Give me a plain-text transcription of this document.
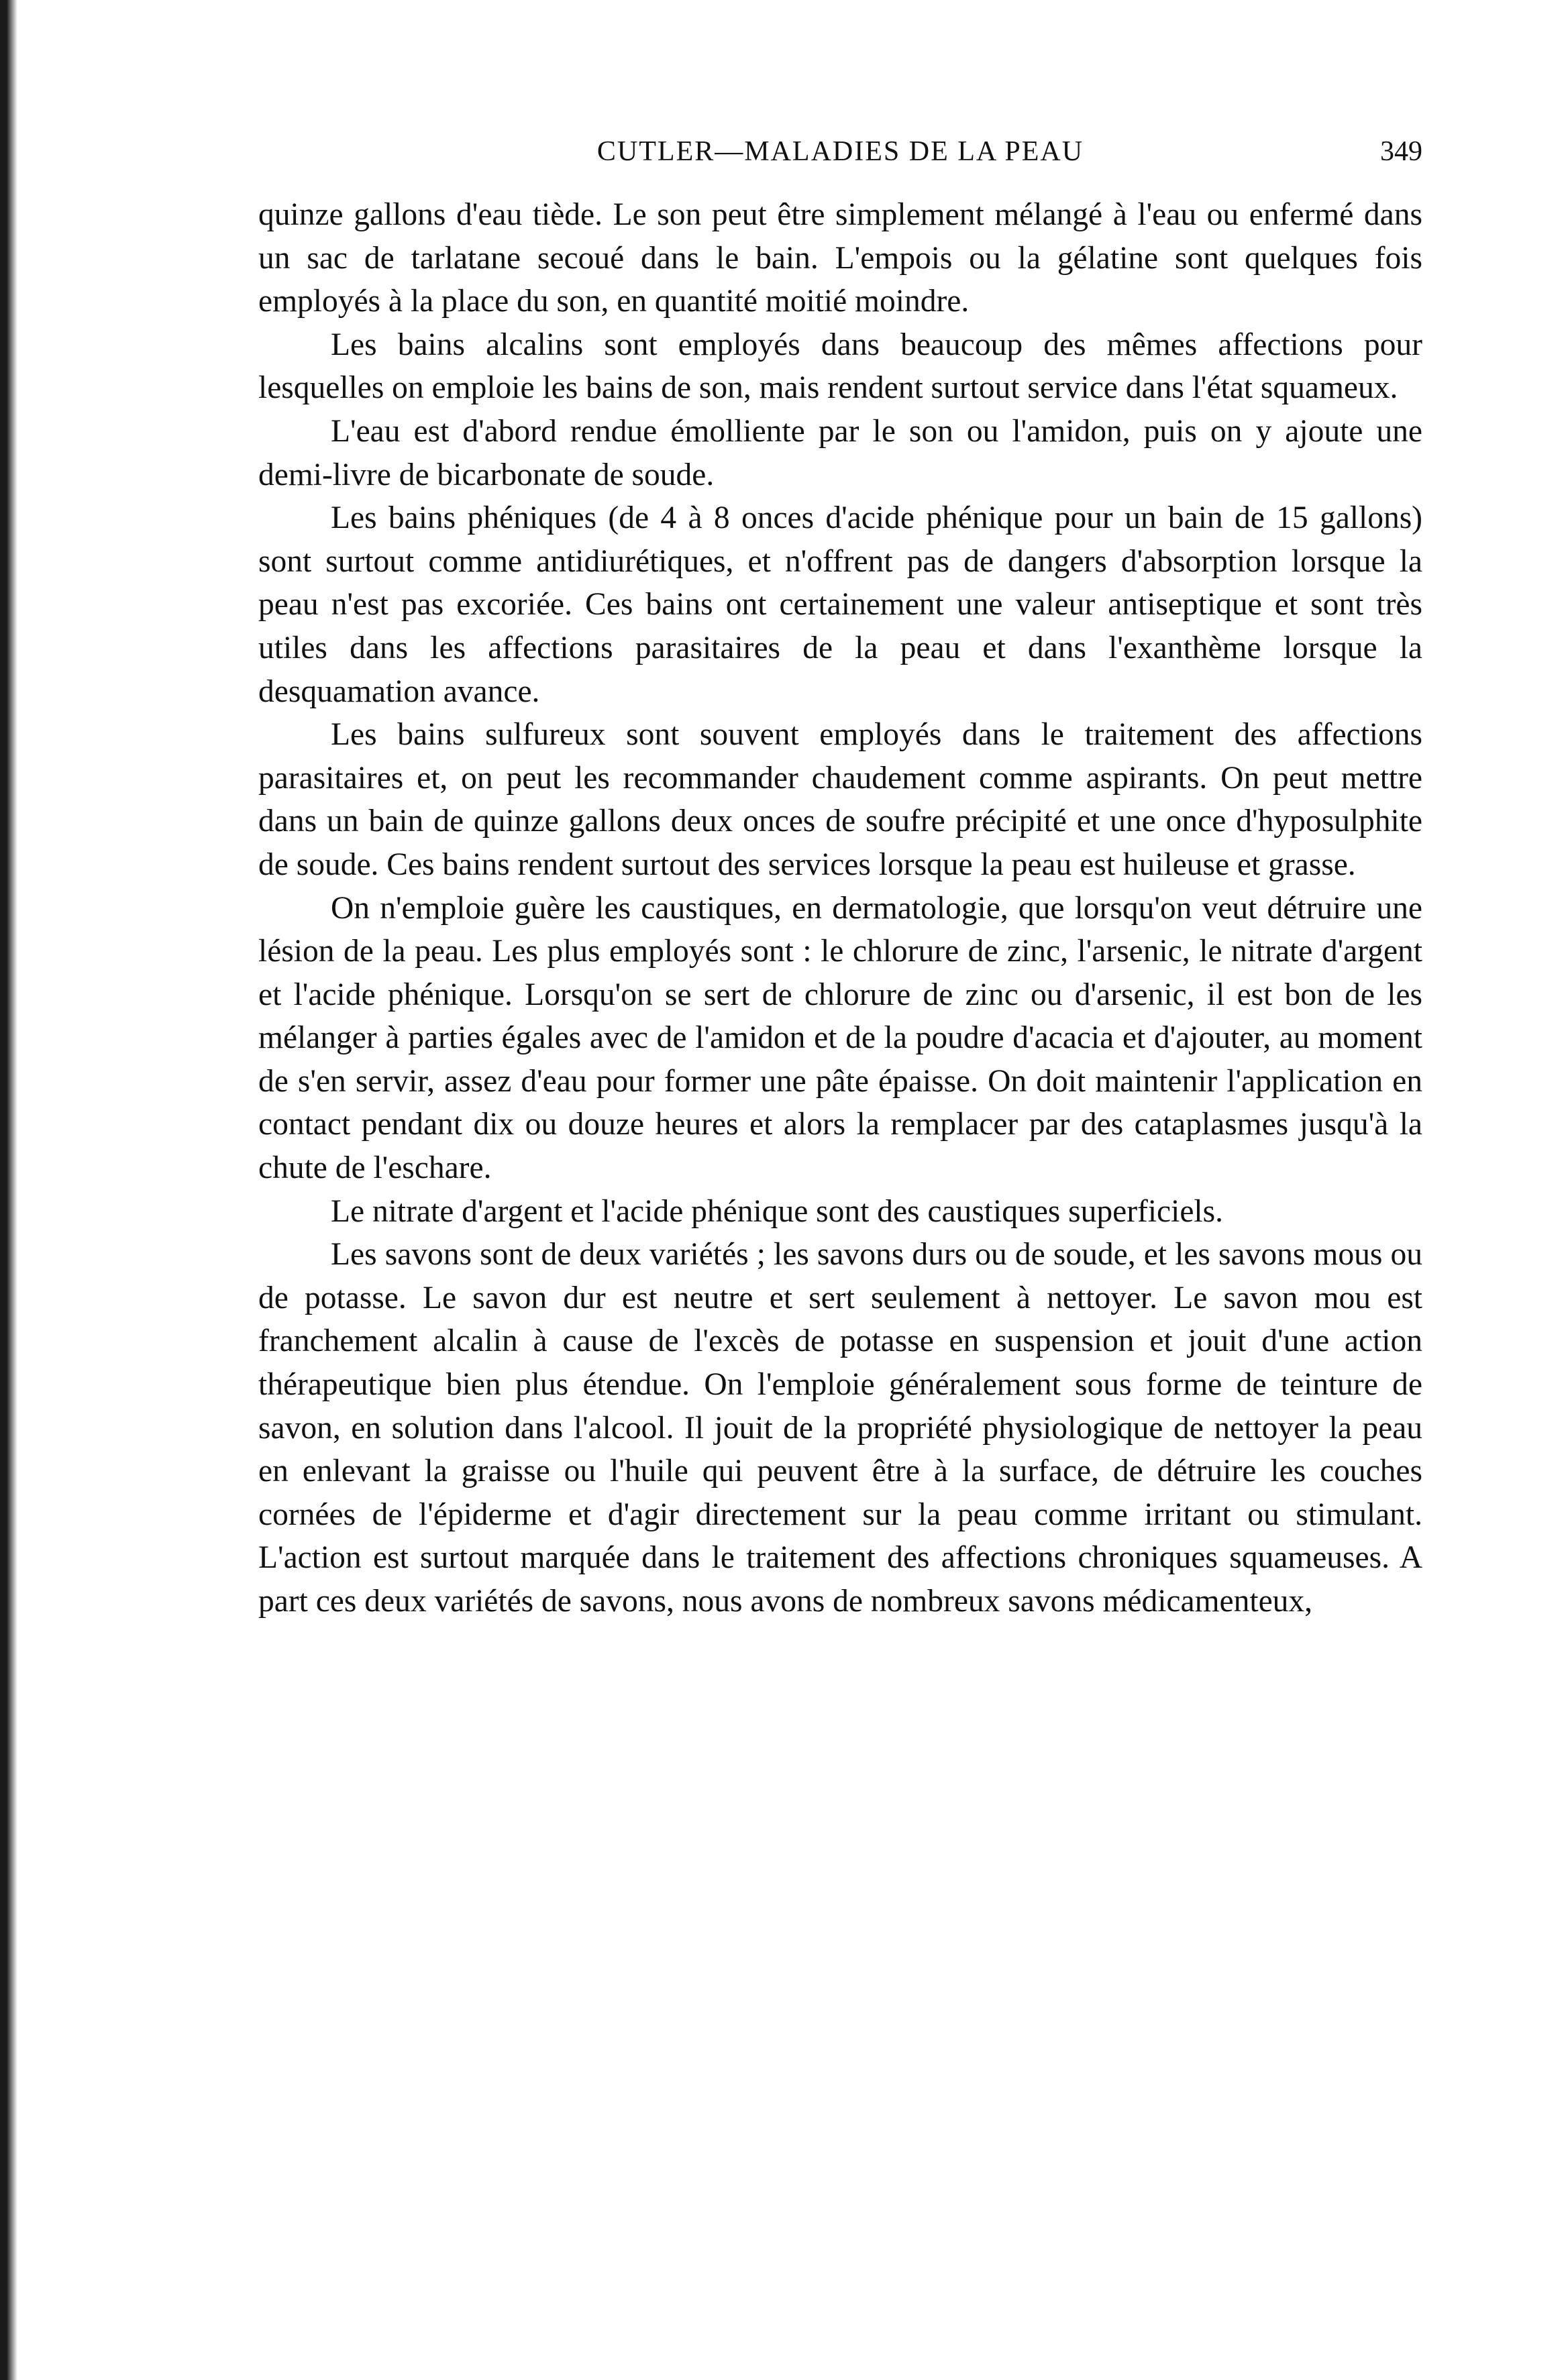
CUTLER—MALADIES DE LA PEAU	349

quinze gallons d'eau tiède. Le son peut être simplement mélangé à l'eau ou enfermé dans un sac de tarlatane secoué dans le bain. L'empois ou la gélatine sont quelques fois employés à la place du son, en quantité moitié moindre.

Les bains alcalins sont employés dans beaucoup des mêmes affections pour lesquelles on emploie les bains de son, mais rendent surtout service dans l'état squameux.

L'eau est d'abord rendue émolliente par le son ou l'amidon, puis on y ajoute une demi-livre de bicarbonate de soude.

Les bains phéniques (de 4 à 8 onces d'acide phénique pour un bain de 15 gallons) sont surtout comme antidiurétiques, et n'offrent pas de dangers d'absorption lorsque la peau n'est pas excoriée. Ces bains ont certainement une valeur antiseptique et sont très utiles dans les affections parasitaires de la peau et dans l'exanthème lorsque la desquamation avance.

Les bains sulfureux sont souvent employés dans le traitement des affections parasitaires et, on peut les recommander chaudement comme aspirants. On peut mettre dans un bain de quinze gallons deux onces de soufre précipité et une once d'hyposulphite de soude. Ces bains rendent surtout des services lorsque la peau est huileuse et grasse.

On n'emploie guère les caustiques, en dermatologie, que lorsqu'on veut détruire une lésion de la peau. Les plus employés sont : le chlorure de zinc, l'arsenic, le nitrate d'argent et l'acide phénique. Lorsqu'on se sert de chlorure de zinc ou d'arsenic, il est bon de les mélanger à parties égales avec de l'amidon et de la poudre d'acacia et d'ajouter, au moment de s'en servir, assez d'eau pour former une pâte épaisse. On doit maintenir l'application en contact pendant dix ou douze heures et alors la remplacer par des cataplasmes jusqu'à la chute de l'eschare.

Le nitrate d'argent et l'acide phénique sont des caustiques superficiels.

Les savons sont de deux variétés ; les savons durs ou de soude, et les savons mous ou de potasse. Le savon dur est neutre et sert seulement à nettoyer. Le savon mou est franchement alcalin à cause de l'excès de potasse en suspension et jouit d'une action thérapeutique bien plus étendue. On l'emploie généralement sous forme de teinture de savon, en solution dans l'alcool. Il jouit de la propriété physiologique de nettoyer la peau en enlevant la graisse ou l'huile qui peuvent être à la surface, de détruire les couches cornées de l'épiderme et d'agir directement sur la peau comme irritant ou stimulant. L'action est surtout marquée dans le traitement des affections chroniques squameuses. A part ces deux variétés de savons, nous avons de nombreux savons médicamenteux,
